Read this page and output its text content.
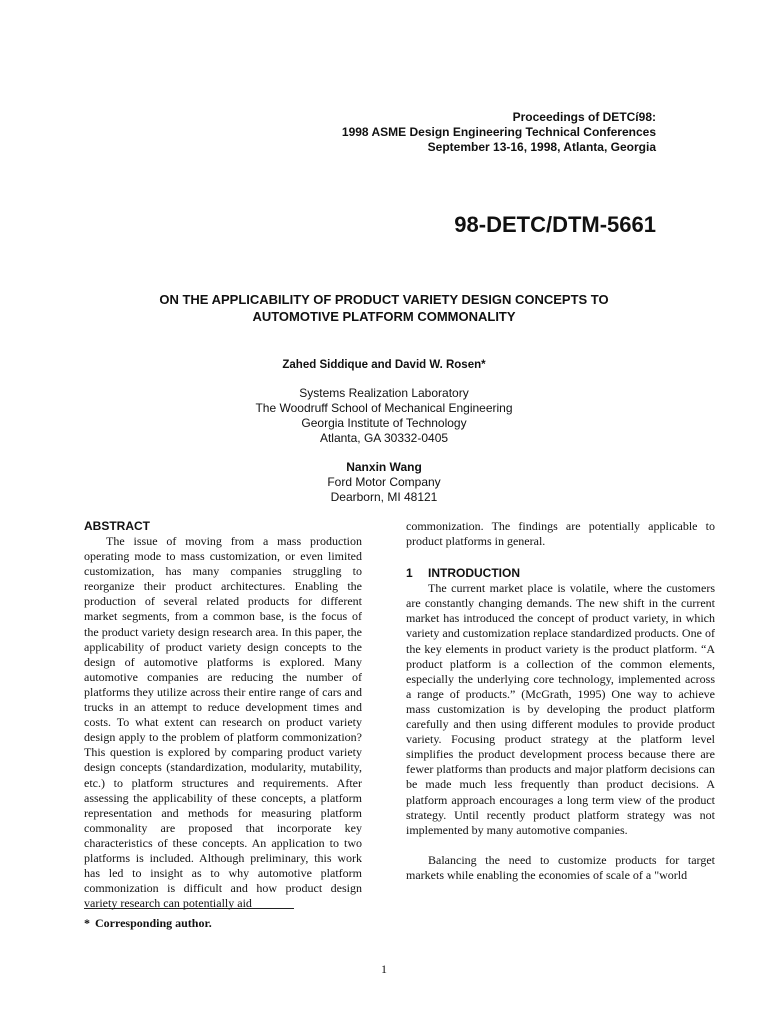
Proceedings of DETCí98:
1998 ASME Design Engineering Technical Conferences
September 13-16, 1998, Atlanta, Georgia
98-DETC/DTM-5661
ON THE APPLICABILITY OF PRODUCT VARIETY DESIGN CONCEPTS TO
AUTOMOTIVE PLATFORM COMMONALITY
Zahed Siddique and David W. Rosen*
Systems Realization Laboratory
The Woodruff School of Mechanical Engineering
Georgia Institute of Technology
Atlanta, GA 30332-0405
Nanxin Wang
Ford Motor Company
Dearborn, MI 48121
ABSTRACT

The issue of moving from a mass production operating mode to mass customization, or even limited customization, has many companies struggling to reorganize their product architectures. Enabling the production of several related products for different market segments, from a common base, is the focus of the product variety design research area. In this paper, the applicability of product variety design concepts to the design of automotive platforms is explored. Many automotive companies are reducing the number of platforms they utilize across their entire range of cars and trucks in an attempt to reduce development times and costs. To what extent can research on product variety design apply to the problem of platform commonization? This question is explored by comparing product variety design concepts (standardization, modularity, mutability, etc.) to platform structures and requirements. After assessing the applicability of these concepts, a platform representation and methods for measuring platform commonality are proposed that incorporate key characteristics of these concepts. An application to two platforms is included. Although preliminary, this work has led to insight as to why automotive platform commonization is difficult and how product design variety research can potentially aid

commonization. The findings are potentially applicable to product platforms in general.

1 INTRODUCTION

The current market place is volatile, where the customers are constantly changing demands. The new shift in the current market has introduced the concept of product variety, in which variety and customization replace standardized products. One of the key elements in product variety is the product platform. “A product platform is a collection of the common elements, especially the underlying core technology, implemented across a range of products.” (McGrath, 1995) One way to achieve mass customization is by developing the product platform carefully and then using different modules to provide product variety. Focusing product strategy at the platform level simplifies the product development process because there are fewer platforms than products and major platform decisions can be made much less frequently than product decisions. A platform approach encourages a long term view of the product strategy. Until recently product platform strategy was not implemented by many automotive companies.

Balancing the need to customize products for target markets while enabling the economies of scale of a "world

* Corresponding author.
1
